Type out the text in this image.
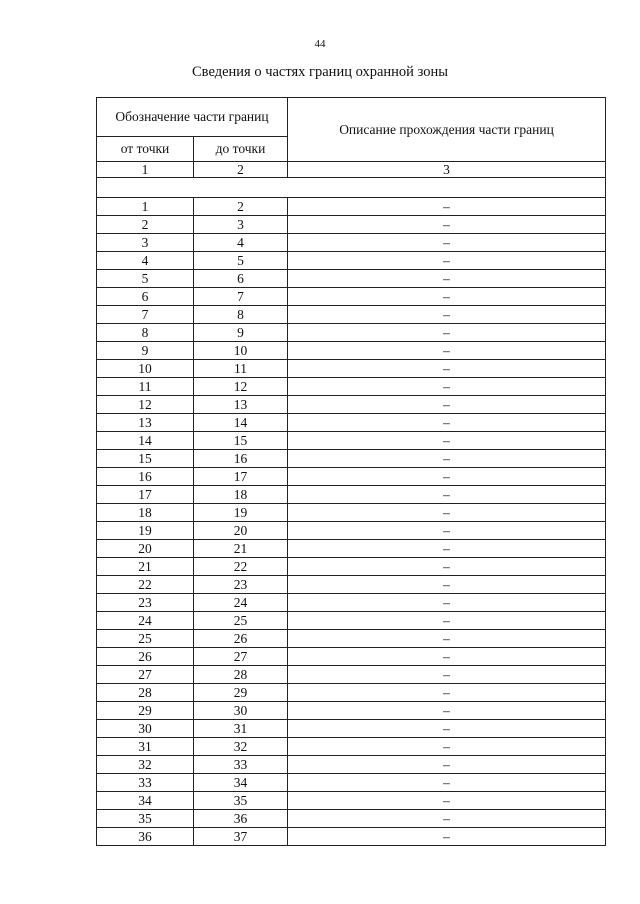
44
Сведения о частях границ охранной зоны
Обозначение части границ		Описание прохождения части границ
от точки	до точки	
1	2	3

1	2	–
2	3	–
3	4	–
4	5	–
5	6	–
6	7	–
7	8	–
8	9	–
9	10	–
10	11	–
11	12	–
12	13	–
13	14	–
14	15	–
15	16	–
16	17	–
17	18	–
18	19	–
19	20	–
20	21	–
21	22	–
22	23	–
23	24	–
24	25	–
25	26	–
26	27	–
27	28	–
28	29	–
29	30	–
30	31	–
31	32	–
32	33	–
33	34	–
34	35	–
35	36	–
36	37	–
